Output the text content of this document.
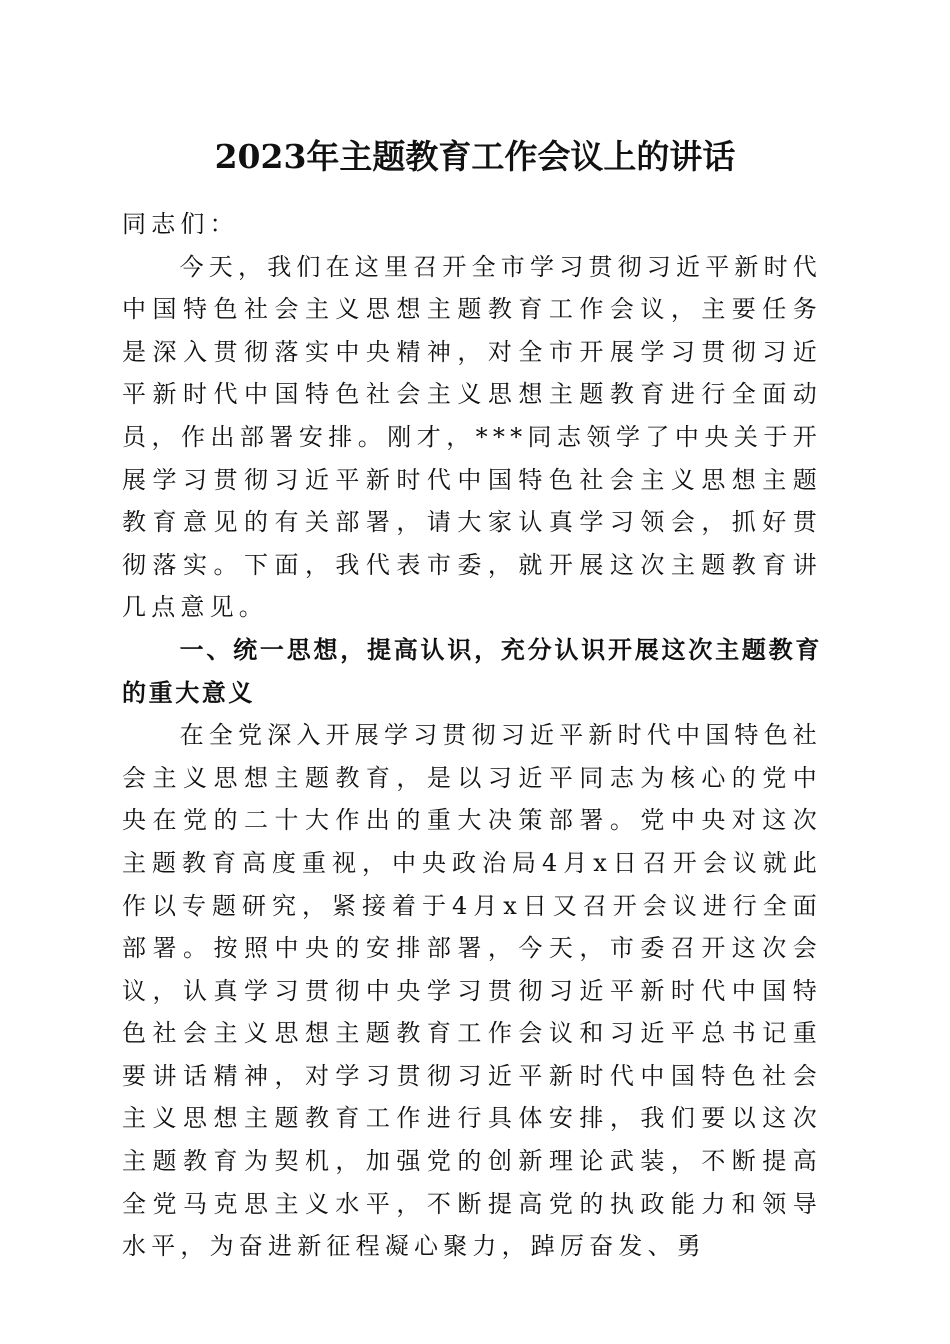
2023年主题教育工作会议上的讲话

同志们：

今天，我们在这里召开全市学习贯彻习近平新时代中国特色社会主义思想主题教育工作会议，主要任务是深入贯彻落实中央精神，对全市开展学习贯彻习近平新时代中国特色社会主义思想主题教育进行全面动员，作出部署安排。刚才，***同志领学了中央关于开展学习贯彻习近平新时代中国特色社会主义思想主题教育意见的有关部署，请大家认真学习领会，抓好贯彻落实。下面，我代表市委，就开展这次主题教育讲几点意见。

一、统一思想，提高认识，充分认识开展这次主题教育的重大意义

在全党深入开展学习贯彻习近平新时代中国特色社会主义思想主题教育，是以习近平同志为核心的党中央在党的二十大作出的重大决策部署。党中央对这次主题教育高度重视，中央政治局4月x日召开会议就此作以专题研究，紧接着于4月x日又召开会议进行全面部署。按照中央的安排部署，今天，市委召开这次会议，认真学习贯彻中央学习贯彻习近平新时代中国特色社会主义思想主题教育工作会议和习近平总书记重要讲话精神，对学习贯彻习近平新时代中国特色社会主义思想主题教育工作进行具体安排，我们要以这次主题教育为契机，加强党的创新理论武装，不断提高全党马克思主义水平，不断提高党的执政能力和领导水平，为奋进新征程凝心聚力，踔厉奋发、勇
